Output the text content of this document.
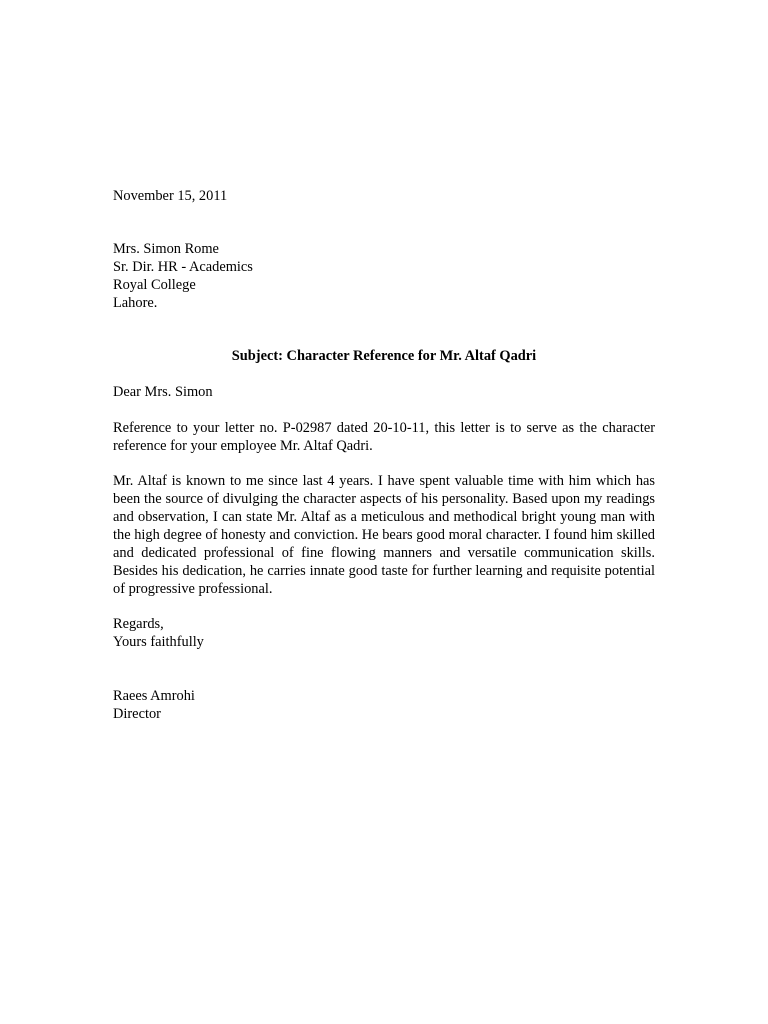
November 15, 2011
Mrs. Simon Rome
Sr. Dir. HR - Academics
Royal College
Lahore.
Subject: Character Reference for Mr. Altaf Qadri
Dear Mrs. Simon

Reference to your letter no. P-02987 dated 20-10-11, this letter is to serve as the character reference for your employee Mr. Altaf Qadri.

Mr. Altaf is known to me since last 4 years. I have spent valuable time with him which has been the source of divulging the character aspects of his personality. Based upon my readings and observation, I can state Mr. Altaf as a meticulous and methodical bright young man with the high degree of honesty and conviction. He bears good moral character. I found him skilled and dedicated professional of fine flowing manners and versatile communication skills. Besides his dedication, he carries innate good taste for further learning and requisite potential of progressive professional.

Regards,
Yours faithfully
Raees Amrohi
Director
